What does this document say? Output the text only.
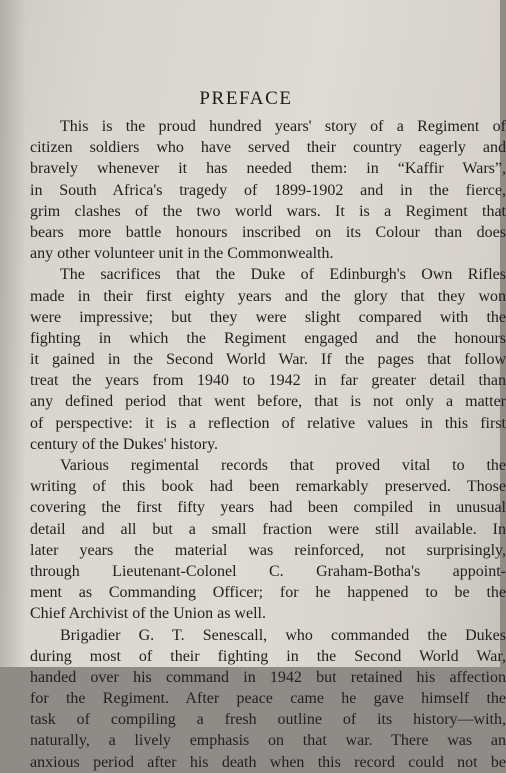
PREFACE
This is the proud hundred years' story of a Regiment of
citizen soldiers who have served their country eagerly and
bravely whenever it has needed them: in “Kaffir Wars”,
in South Africa's tragedy of 1899-1902 and in the fierce,
grim clashes of the two world wars. It is a Regiment that
bears more battle honours inscribed on its Colour than does
any other volunteer unit in the Commonwealth.
The sacrifices that the Duke of Edinburgh's Own Rifles
made in their first eighty years and the glory that they won
were impressive; but they were slight compared with the
fighting in which the Regiment engaged and the honours
it gained in the Second World War. If the pages that follow
treat the years from 1940 to 1942 in far greater detail than
any defined period that went before, that is not only a matter
of perspective: it is a reflection of relative values in this first
century of the Dukes' history.
Various regimental records that proved vital to the
writing of this book had been remarkably preserved. Those
covering the first fifty years had been compiled in unusual
detail and all but a small fraction were still available. In
later years the material was reinforced, not surprisingly,
through Lieutenant-Colonel C. Graham-Botha's appoint-
ment as Commanding Officer; for he happened to be the
Chief Archivist of the Union as well.
Brigadier G. T. Senescall, who commanded the Dukes
during most of their fighting in the Second World War,
handed over his command in 1942 but retained his affection
for the Regiment. After peace came he gave himself the
task of compiling a fresh outline of its history—with,
naturally, a lively emphasis on that war. There was an
anxious period after his death when this record could not be
